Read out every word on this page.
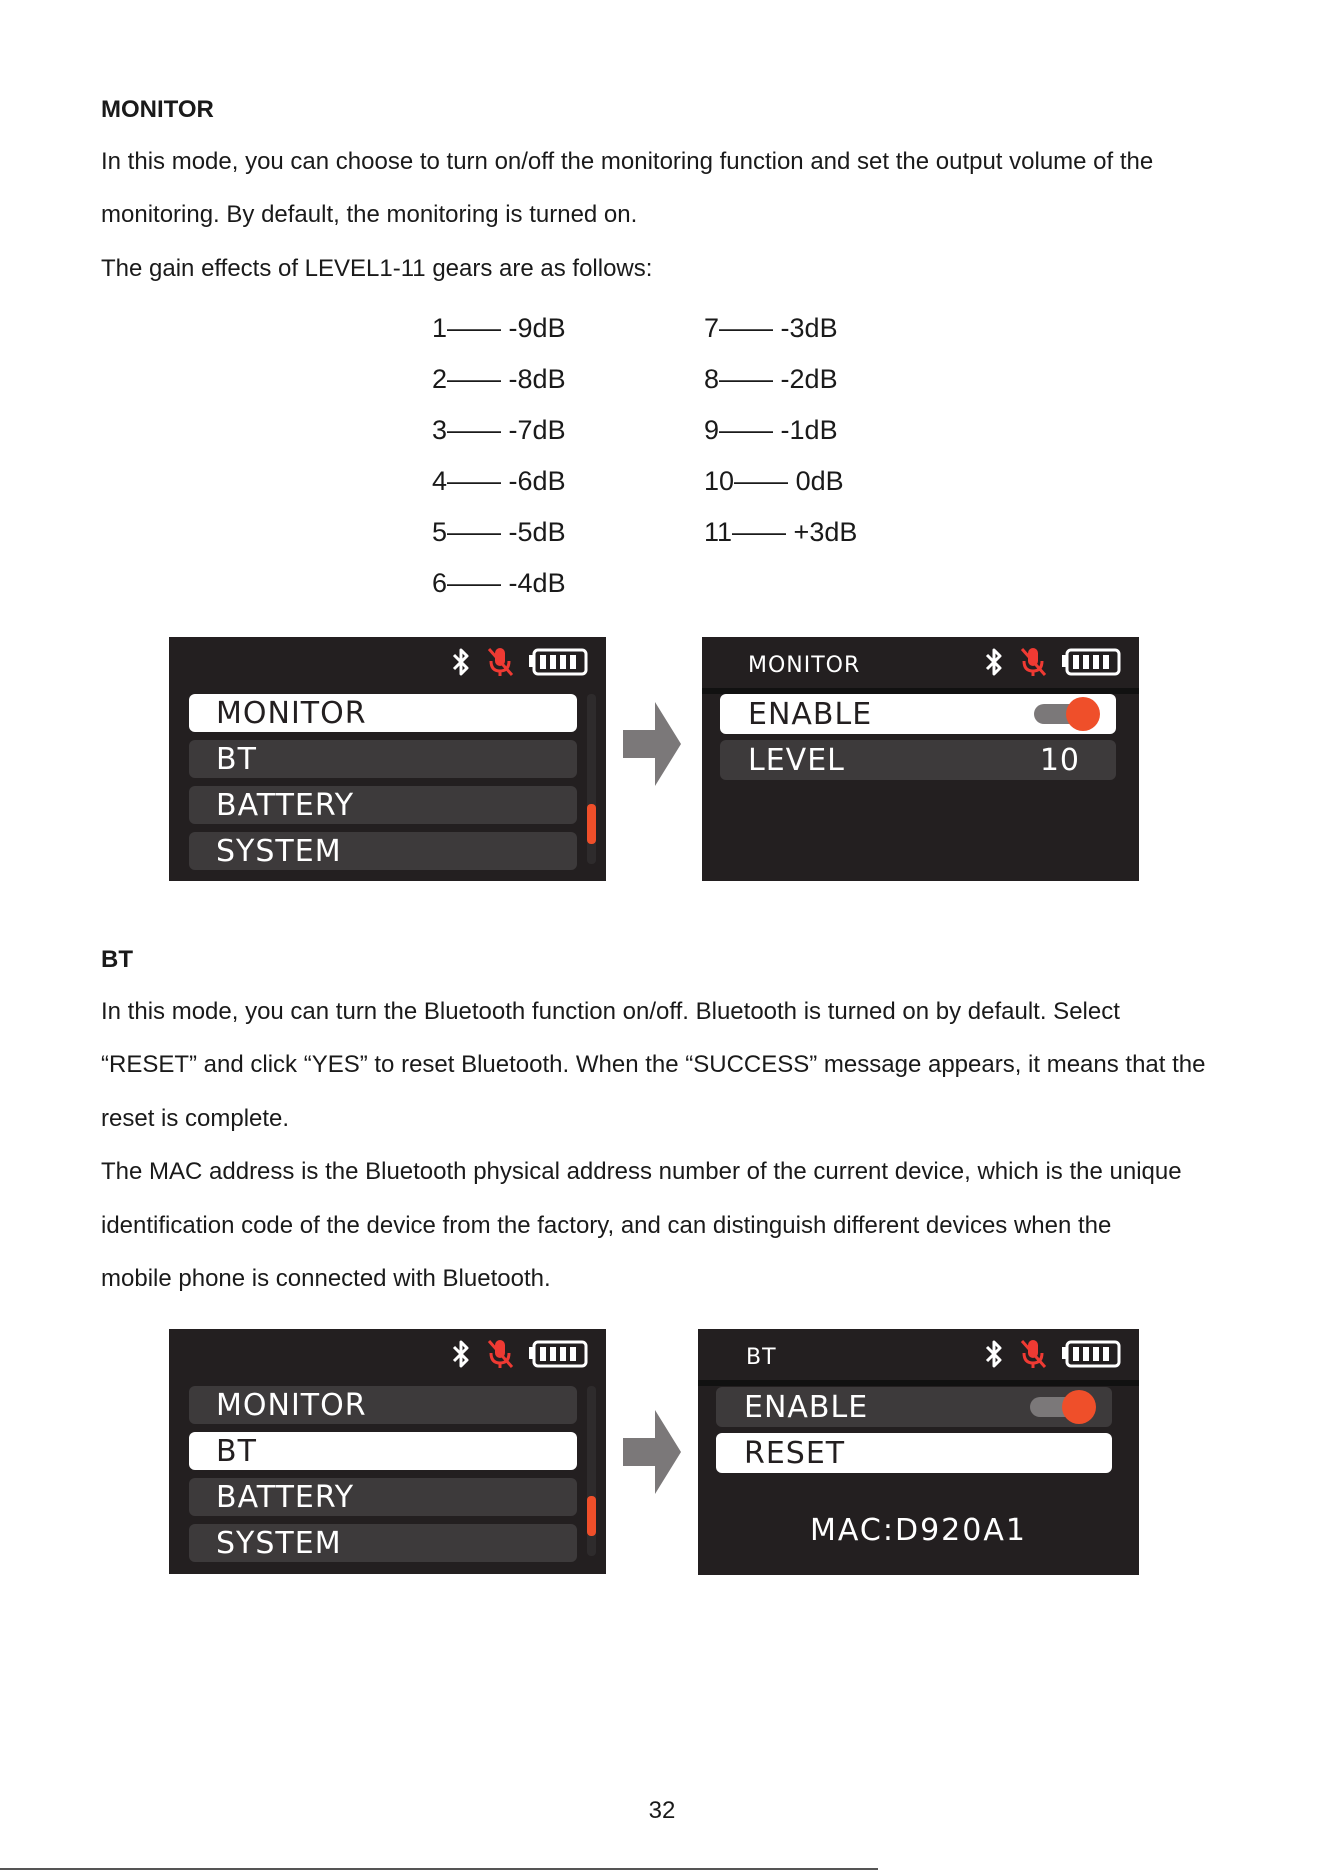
MONITOR

In this mode, you can choose to turn on/off the monitoring function and set the output volume of the

monitoring. By default, the monitoring is turned on.

The gain effects of LEVEL1-11 gears are as follows:

1—— -9dB
2—— -8dB
3—— -7dB
4—— -6dB
5—— -5dB
6—— -4dB
7—— -3dB
8—— -2dB
9—— -1dB
10—— 0dB
11—— +3dB
MONITOR
BT
BATTERY
SYSTEM
MONITOR
ENABLE
LEVEL	10
BT

In this mode, you can turn the Bluetooth function on/off. Bluetooth is turned on by default. Select

“RESET” and click “YES” to reset Bluetooth. When the “SUCCESS” message appears, it means that the

reset is complete.

The MAC address is the Bluetooth physical address number of the current device, which is the unique

identification code of the device from the factory, and can distinguish different devices when the

mobile phone is connected with Bluetooth.

MONITOR
BT
BATTERY
SYSTEM
BT
ENABLE
RESET
MAC:D920A1
32
